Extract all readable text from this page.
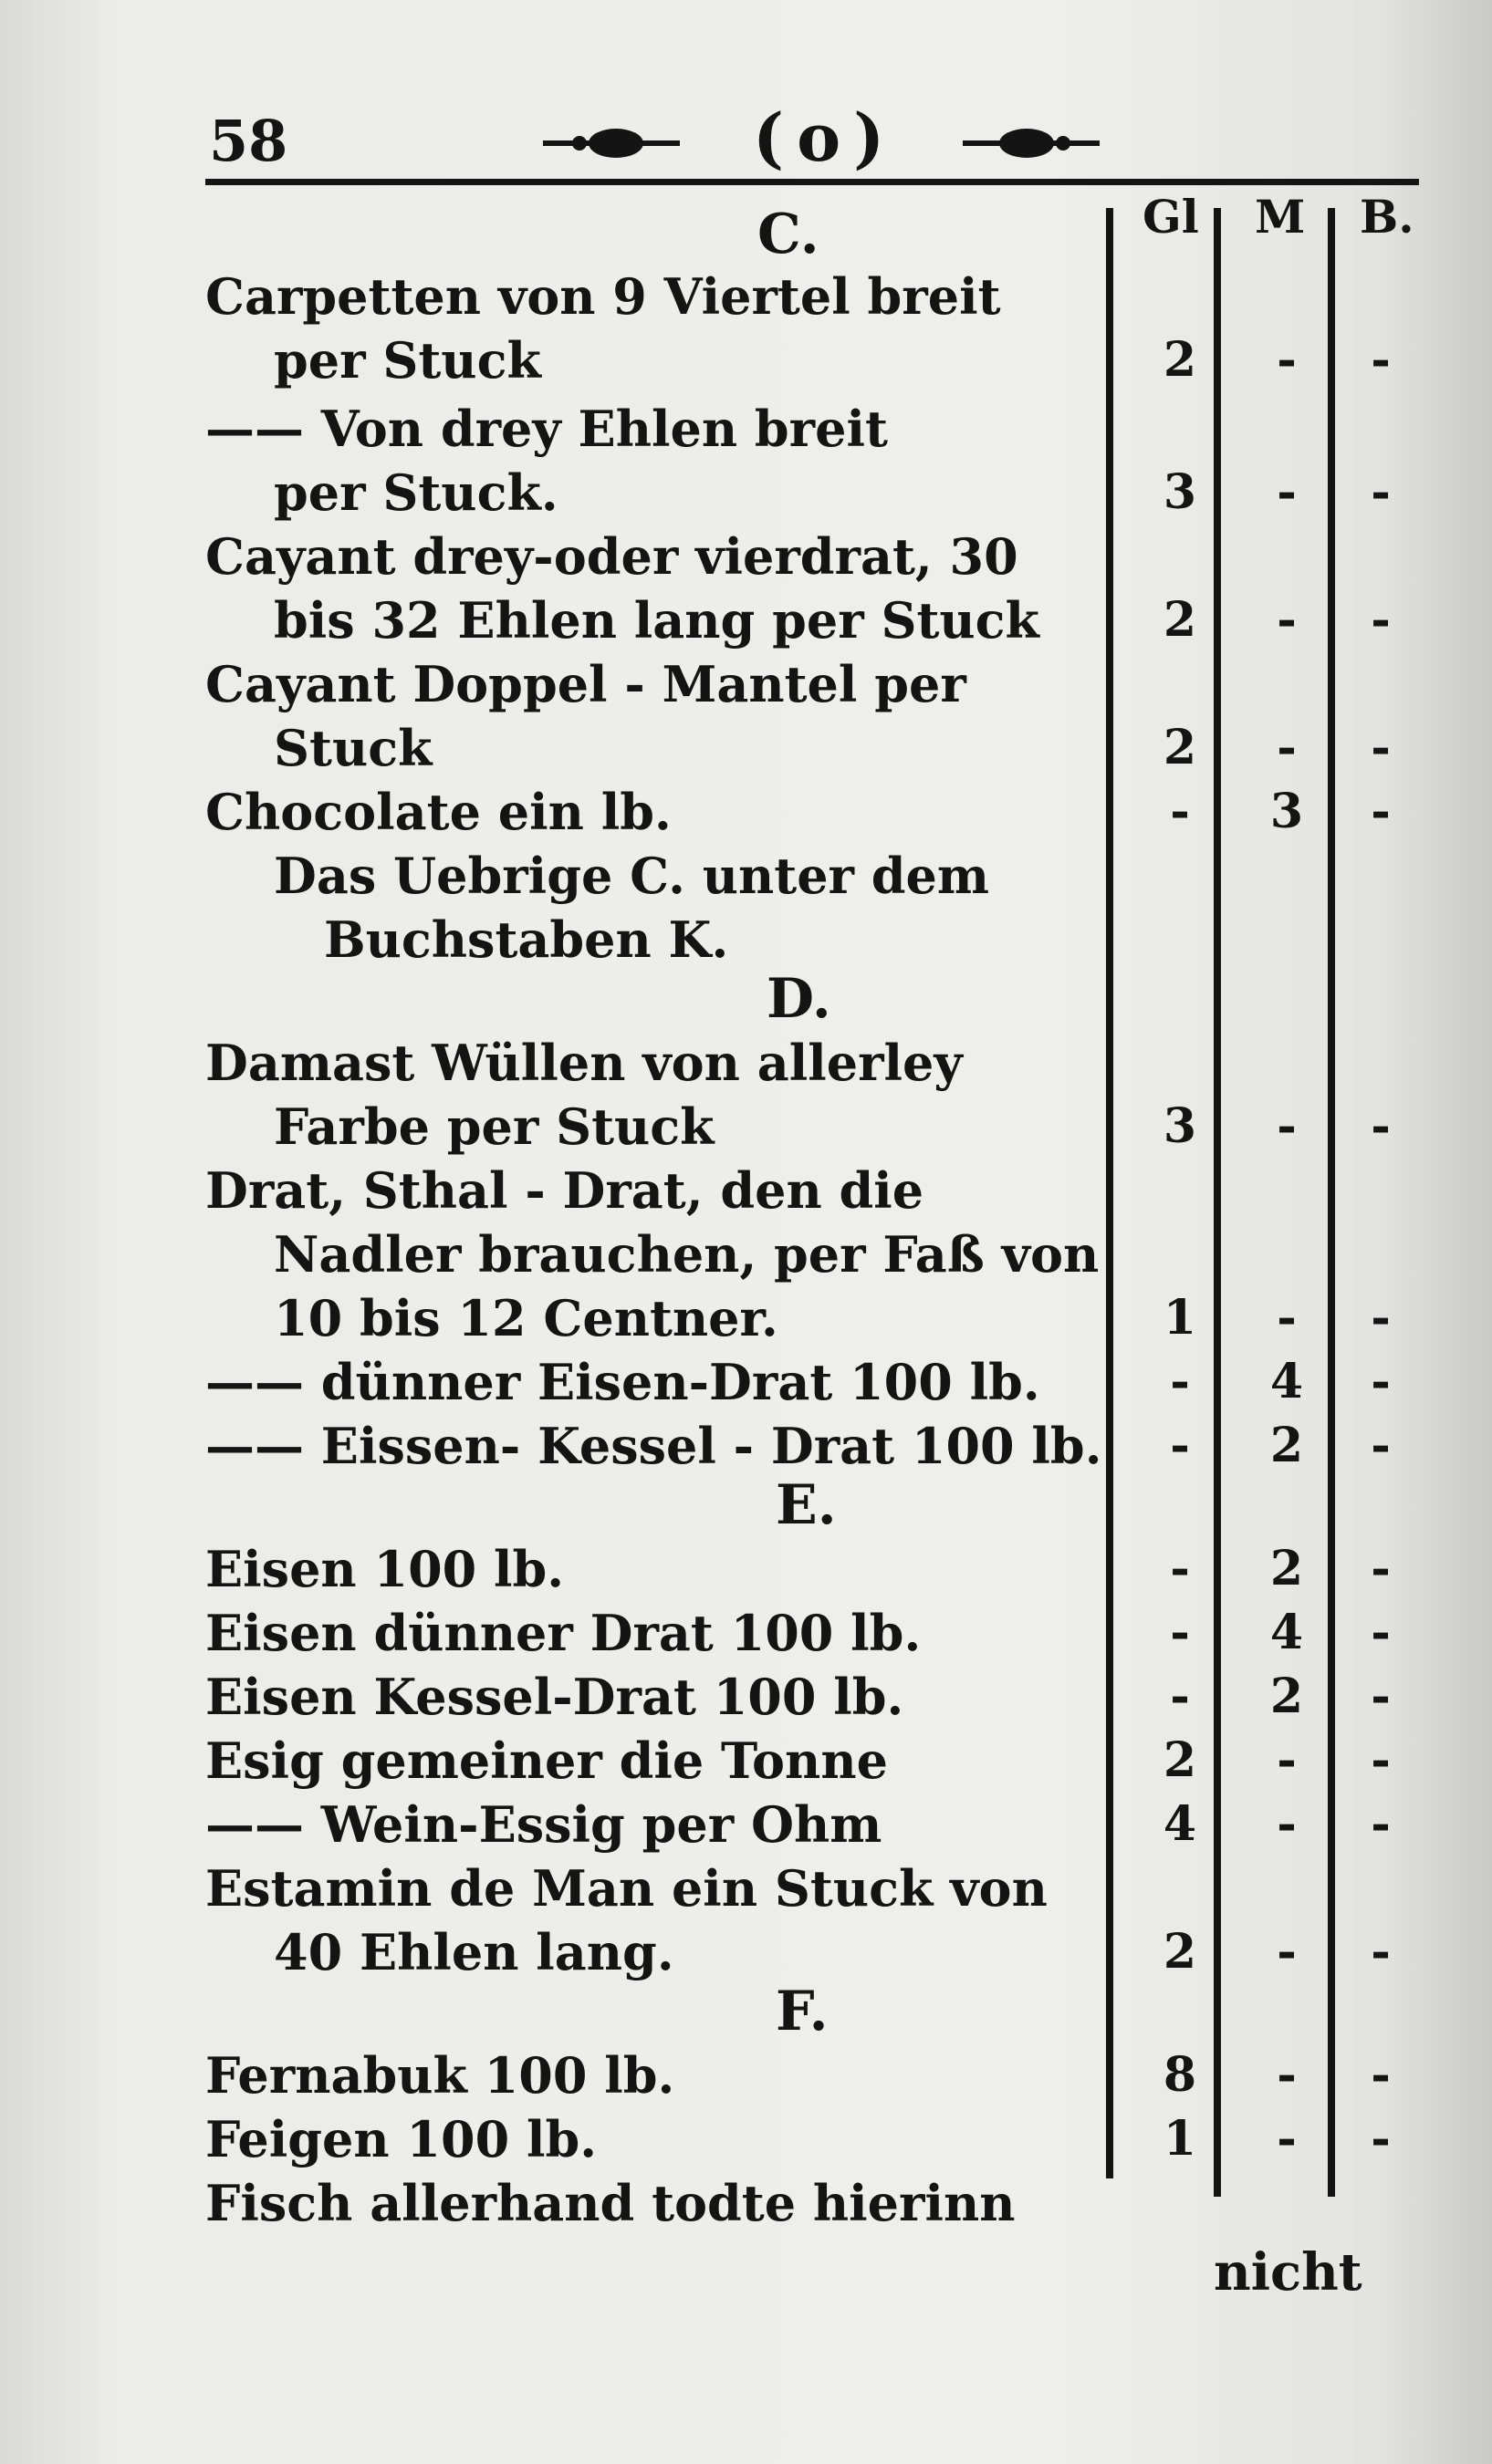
58	(o)
Gl M B.
C.
Carpetten von 9 Viertel breit
per Stuck	2 - -
—— Von drey Ehlen breit
per Stuck.	3 - -
Cayant drey-oder vierdrat, 30
bis 32 Ehlen lang per Stuck	2 - -
Cayant Doppel - Mantel per
Stuck	2 - -
Chocolate ein lb.	- 3 -
Das Uebrige C. unter dem
Buchstaben K.
D.
Damast Wüllen von allerley
Farbe per Stuck	3 - -
Drat, Sthal - Drat, den die
Nadler brauchen, per Faß von
10 bis 12 Centner.	1 - -
—— dünner Eisen-Drat 100 lb.	- 4 -
—— Eissen- Kessel - Drat 100 lb. - 2 -
E.
Eisen 100 lb.	- 2 -
Eisen dünner Drat 100 lb.	- 4 -
Eisen Kessel-Drat 100 lb.	- 2 -
Esig gemeiner die Tonne	2 - -
—— Wein-Essig per Ohm	4 - -
Estamin de Man ein Stuck von
40 Ehlen lang.	2 - -
F.
Fernabuk 100 lb.	8 - -
Feigen 100 lb.	1 - -
Fisch allerhand todte hierinn
nicht
